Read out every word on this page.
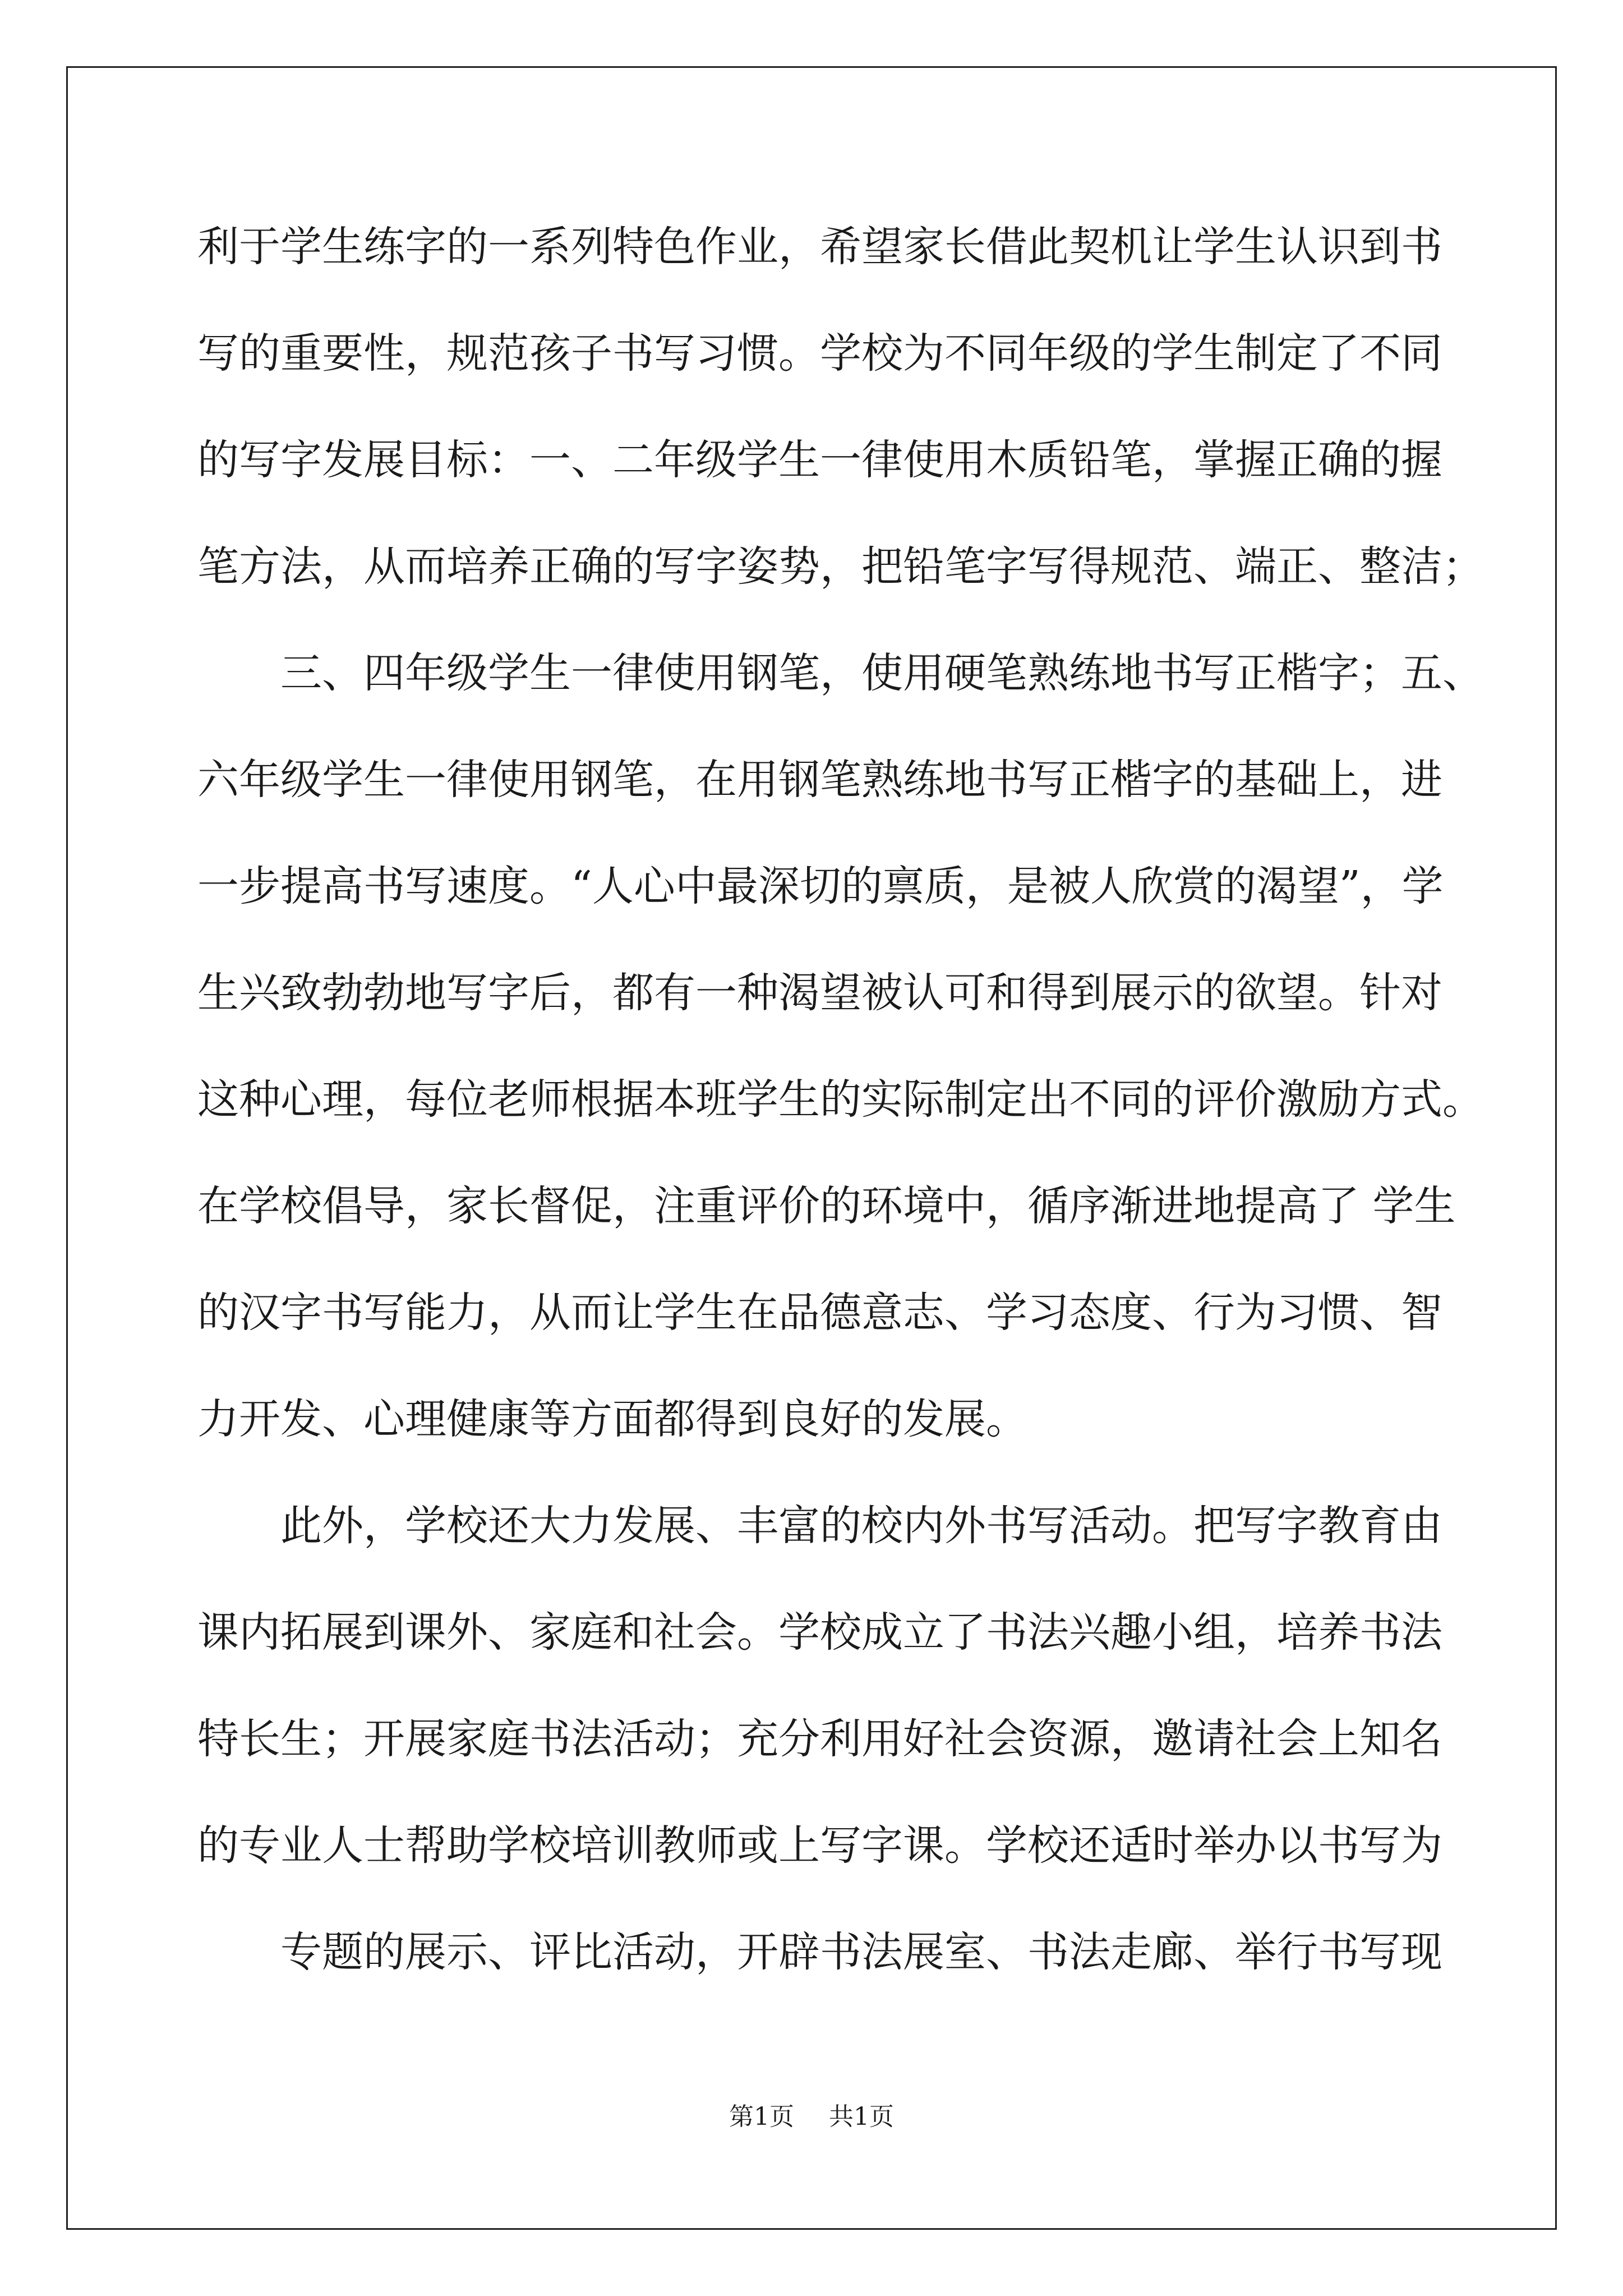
利于学生练字的一系列特色作业，希望家长借此契机让学生认识到书
写的重要性，规范孩子书写习惯。学校为不同年级的学生制定了不同
的写字发展目标：一、二年级学生一律使用木质铅笔，掌握正确的握
笔方法，从而培养正确的写字姿势，把铅笔字写得规范、端正、整洁；
三、四年级学生一律使用钢笔，使用硬笔熟练地书写正楷字；五、
六年级学生一律使用钢笔，在用钢笔熟练地书写正楷字的基础上，进
一步提高书写速度。“人心中最深切的禀质，是被人欣赏的渴望”，学
生兴致勃勃地写字后，都有一种渴望被认可和得到展示的欲望。针对
这种心理，每位老师根据本班学生的实际制定出不同的评价激励方式。
在学校倡导，家长督促，注重评价的环境中，循序渐进地提高了 学生
的汉字书写能力，从而让学生在品德意志、学习态度、行为习惯、智
力开发、心理健康等方面都得到良好的发展。
此外，学校还大力发展、丰富的校内外书写活动。把写字教育由
课内拓展到课外、家庭和社会。学校成立了书法兴趣小组，培养书法
特长生；开展家庭书法活动；充分利用好社会资源，邀请社会上知名
的专业人士帮助学校培训教师或上写字课。学校还适时举办以书写为
专题的展示、评比活动，开辟书法展室、书法走廊、举行书写现
第1页 共1页
